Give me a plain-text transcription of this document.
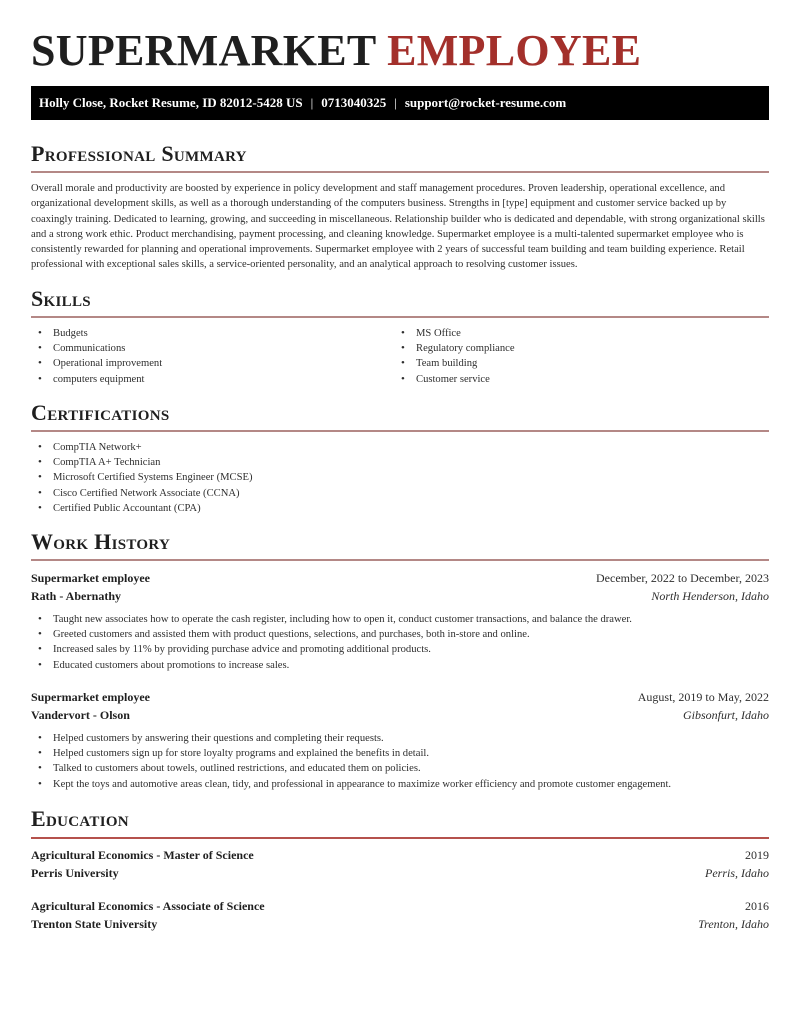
SUPERMARKET EMPLOYEE
Holly Close, Rocket Resume, ID 82012-5428 US | 0713040325 | support@rocket-resume.com
Professional Summary

Overall morale and productivity are boosted by experience in policy development and staff management procedures. Proven leadership, operational excellence, and organizational development skills, as well as a thorough understanding of the computers business. Strengths in [type] equipment and customer service backed up by coaxingly training. Dedicated to learning, growing, and succeeding in miscellaneous. Relationship builder who is dedicated and dependable, with strong organizational skills and a strong work ethic. Product merchandising, payment processing, and cleaning knowledge. Supermarket employee is a multi-talented supermarket employee who is consistently rewarded for planning and operational improvements. Supermarket employee with 2 years of successful team building and team building experience. Retail professional with exceptional sales skills, a service-oriented personality, and an analytical approach to resolving customer issues.

Skills
• Budgets
• Communications
• Operational improvement
• computers equipment
• MS Office
• Regulatory compliance
• Team building
• Customer service
Certifications
• CompTIA Network+
• CompTIA A+ Technician
• Microsoft Certified Systems Engineer (MCSE)
• Cisco Certified Network Associate (CCNA)
• Certified Public Accountant (CPA)
Work History
Supermarket employee	December, 2022 to December, 2023
Rath - Abernathy	North Henderson, Idaho
• Taught new associates how to operate the cash register, including how to open it, conduct customer transactions, and balance the drawer.
• Greeted customers and assisted them with product questions, selections, and purchases, both in-store and online.
• Increased sales by 11% by providing purchase advice and promoting additional products.
• Educated customers about promotions to increase sales.
Supermarket employee	August, 2019 to May, 2022
Vandervort - Olson	Gibsonfurt, Idaho
• Helped customers by answering their questions and completing their requests.
• Helped customers sign up for store loyalty programs and explained the benefits in detail.
• Talked to customers about towels, outlined restrictions, and educated them on policies.
• Kept the toys and automotive areas clean, tidy, and professional in appearance to maximize worker efficiency and promote customer engagement.
Education
Agricultural Economics - Master of Science	2019
Perris University	Perris, Idaho
Agricultural Economics - Associate of Science	2016
Trenton State University	Trenton, Idaho
